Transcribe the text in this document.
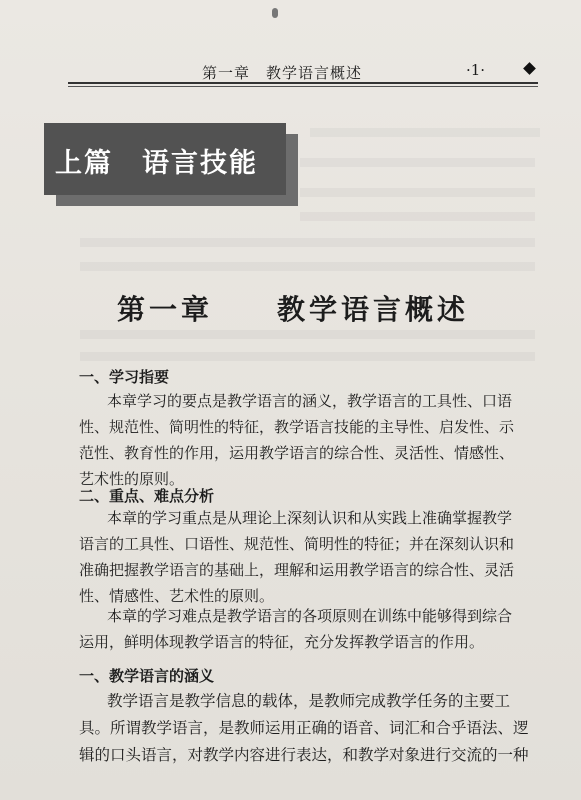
第一章　教学语言概述	·1·
上篇　语言技能
第一章　　教学语言概述
一、学习指要
本章学习的要点是教学语言的涵义，教学语言的工具性、口语
性、规范性、简明性的特征，教学语言技能的主导性、启发性、示
范性、教育性的作用，运用教学语言的综合性、灵活性、情感性、
艺术性的原则。
二、重点、难点分析
本章的学习重点是从理论上深刻认识和从实践上准确掌握教学
语言的工具性、口语性、规范性、简明性的特征；并在深刻认识和
准确把握教学语言的基础上，理解和运用教学语言的综合性、灵活
性、情感性、艺术性的原则。
本章的学习难点是教学语言的各项原则在训练中能够得到综合
运用，鲜明体现教学语言的特征，充分发挥教学语言的作用。
一、教学语言的涵义
教学语言是教学信息的载体，是教师完成教学任务的主要工
具。所谓教学语言，是教师运用正确的语音、词汇和合乎语法、逻
辑的口头语言，对教学内容进行表达，和教学对象进行交流的一种
